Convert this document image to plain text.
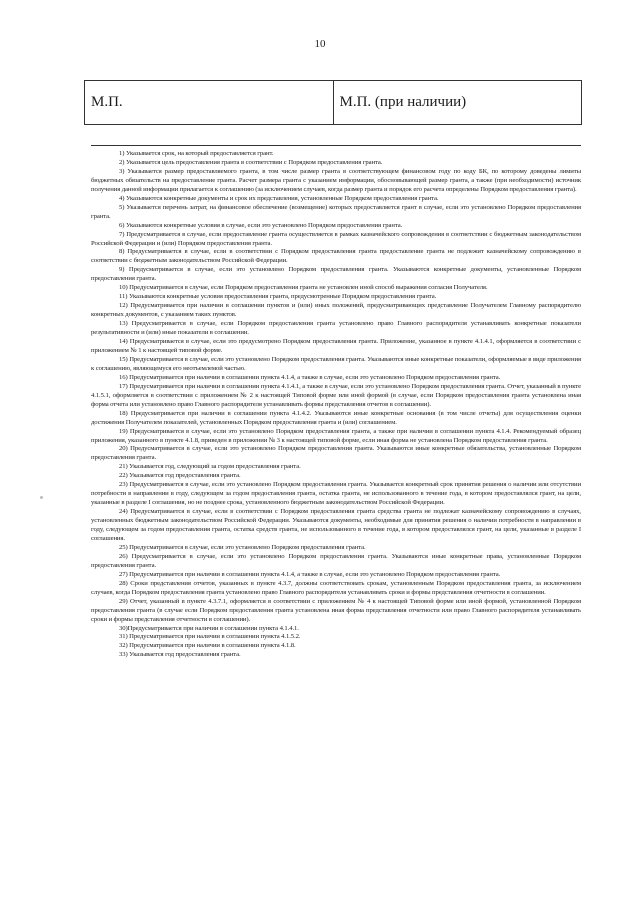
10
М.П.	М.П. (при наличии)

1) Указывается срок, на который предоставляется грант.

2) Указывается цель предоставления гранта в соответствии с Порядком предоставления гранта.

3) Указывается размер предоставляемого гранта, в том числе размер гранта в соответствующем финансовом году по коду БК, по которому доведены лимиты бюджетных обязательств на предоставление гранта. Расчет размера гранта с указанием информации, обосновывающей размер гранта, а также (при необходимости) источник получения данной информации прилагается к соглашению (за исключением случаев, когда размер гранта и порядок его расчета определены Порядком предоставления гранта).

4) Указываются конкретные документы и срок их представления, установленные Порядком предоставления гранта.

5) Указывается перечень затрат, на финансовое обеспечение (возмещение) которых предоставляется грант в случае, если это установлено Порядком предоставления гранта.

6) Указываются конкретные условия в случае, если это установлено Порядком предоставления гранта.

7) Предусматривается в случае, если предоставление гранта осуществляется в рамках казначейского сопровождения в соответствии с бюджетным законодательством Российской Федерации и (или) Порядком предоставления гранта.

8) Предусматривается в случае, если в соответствии с Порядком предоставления гранта предоставление гранта не подлежит казначейскому сопровождению в соответствии с бюджетным законодательством Российской Федерации.

9) Предусматривается в случае, если это установлено Порядком предоставления гранта. Указываются конкретные документы, установленные Порядком предоставления гранта.

10) Предусматривается в случае, если Порядком предоставления гранта не установлен иной способ выражения согласия Получателя.

11) Указываются конкретные условия предоставления гранта, предусмотренные Порядком предоставления гранта.

12) Предусматривается при наличии в соглашении пунктов и (или) иных положений, предусматривающих представление Получателем Главному распорядителю конкретных документов, с указанием таких пунктов.

13) Предусматривается в случае, если Порядком предоставления гранта установлено право Главного распорядителя устанавливать конкретные показатели результативности и (или) иные показатели в соглашении.

14) Предусматривается в случае, если это предусмотрено Порядком предоставления гранта. Приложение, указанное в пункте 4.1.4.1, оформляется в соответствии с приложением № 1 к настоящей типовой форме.

15) Предусматривается в случае, если это установлено Порядком предоставления гранта. Указываются иные конкретные показатели, оформляемые в виде приложения к соглашению, являющемуся его неотъемлемой частью.

16) Предусматривается при наличии в соглашении пункта 4.1.4, а также в случае, если это установлено Порядком предоставления гранта.

17) Предусматривается при наличии в соглашении пункта 4.1.4.1, а также в случае, если это установлено Порядком предоставления гранта. Отчет, указанный в пункте 4.1.5.1, оформляется в соответствии с приложением № 2 к настоящей Типовой форме или иной формой (в случае, если Порядком предоставления гранта установлена иная форма отчета или установлено право Главного распорядителя устанавливать формы представления отчетов в соглашении).

18) Предусматривается при наличии в соглашении пункта 4.1.4.2. Указываются иные конкретные основания (в том числе отчеты) для осуществления оценки достижения Получателем показателей, установленных Порядком предоставления гранта и (или) соглашением.

19) Предусматривается в случае, если это установлено Порядком предоставления гранта, а также при наличии в соглашении пункта 4.1.4. Рекомендуемый образец приложения, указанного в пункте 4.1.8, приведен в приложении № 3 к настоящей типовой форме, если иная форма не установлена Порядком предоставления гранта.

20) Предусматривается в случае, если это установлено Порядком предоставления гранта. Указываются иные конкретные обязательства, установленные Порядком предоставления гранта.

21) Указывается год, следующий за годом предоставления гранта.

22) Указывается год предоставления гранта.

23) Предусматривается в случае, если это установлено Порядком предоставления гранта. Указывается конкретный срок принятия решения о наличии или отсутствии потребности в направлении в году, следующем за годом предоставления гранта, остатка гранта, не использованного в течение года, в котором предоставлялся грант, на цели, указанные в разделе I соглашения, но не позднее срока, установленного бюджетным законодательством Российской Федерации.

24) Предусматривается в случае, если в соответствии с Порядком предоставления гранта средства гранта не подлежат казначейскому сопровождению в случаях, установленных бюджетным законодательством Российской Федерации. Указываются документы, необходимые для принятия решения о наличии потребности в направлении в году, следующем за годом предоставления гранта, остатка средств гранта, не использованного в течение года, в котором предоставлялся грант, на цели, указанные в разделе I соглашения.

25) Предусматривается в случае, если это установлено Порядком предоставления гранта.

26) Предусматривается в случае, если это установлено Порядком предоставления гранта. Указываются иные конкретные права, установленные Порядком предоставления гранта.

27) Предусматривается при наличии в соглашении пункта 4.1.4, а также в случае, если это установлено Порядком предоставления гранта.

28) Сроки представления отчетов, указанных в пункте 4.3.7, должны соответствовать срокам, установленным Порядком предоставления гранта, за исключением случаев, когда Порядком предоставления гранта установлено право Главного распорядителя устанавливать сроки и формы представления отчетности в соглашении.

29) Отчет, указанный в пункте 4.3.7.1, оформляется в соответствии с приложением № 4 к настоящей Типовой форме или иной формой, установленной Порядком предоставления гранта (в случае если Порядком предоставления гранта установлена иная форма представления отчетности или право Главного распорядителя устанавливать сроки и формы представления отчетности в соглашении).

30)Предусматривается при наличии в соглашении пункта 4.1.4.1.

31) Предусматривается при наличии в соглашении пункта 4.1.5.2.

32) Предусматривается при наличии в соглашении пункта 4.1.8.

33) Указывается год предоставления гранта.
